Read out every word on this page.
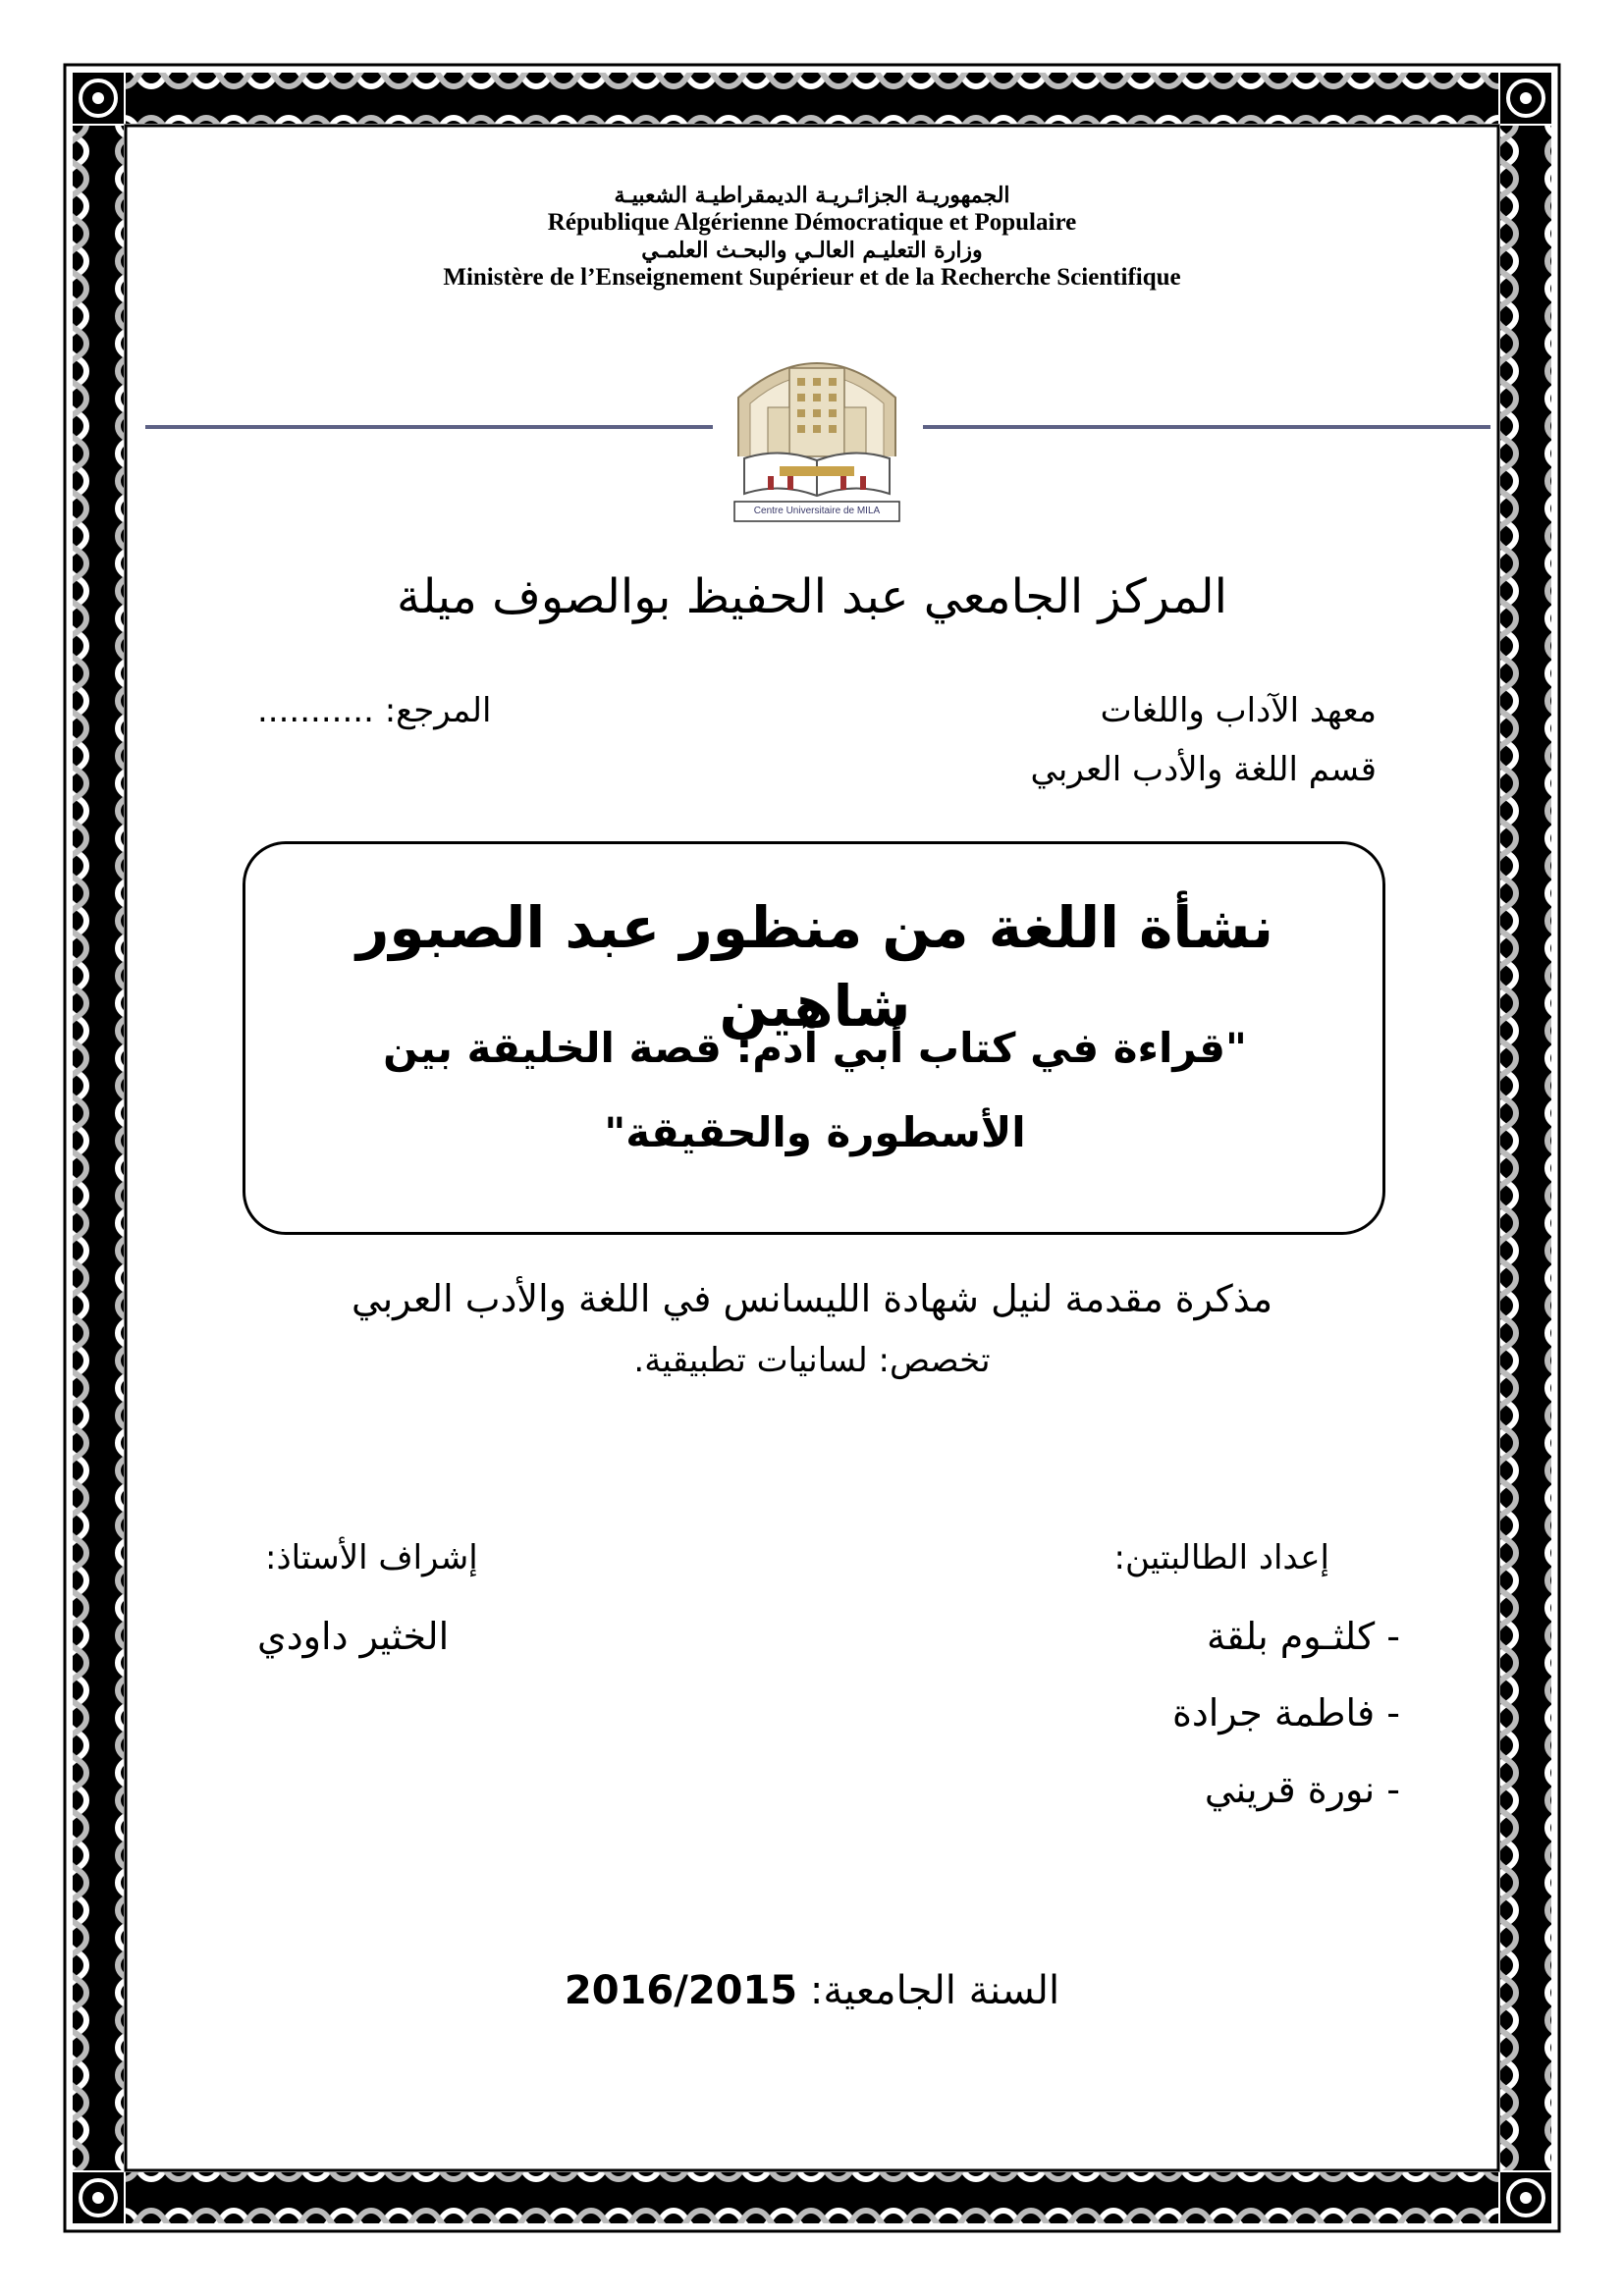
الجمهوريـة الجزائـريـة الديمقراطيـة الشعبيـة
République Algérienne Démocratique et Populaire
وزارة التعليـم العالـي والبحـث العلمـي
Ministère de l’Enseignement Supérieur et de la Recherche Scientifique
Centre Universitaire de MILA
المركز الجامعي عبد الحفيظ بوالصوف ميلة
معهد الآداب واللغات
قسم اللغة والأدب العربي
المرجع: ...........
نشأة اللغة من منظور عبد الصبور شاهين
"قراءة في كتاب أبي آدم: قصة الخليقة بين الأسطورة والحقيقة"
مذكرة مقدمة لنيل شهادة الليسانس في اللغة والأدب العربي
تخصص: لسانيات تطبيقية.
إعداد الطالبتين:
- كلثـوم بلقة
- فاطمة جرادة
- نورة قريني
إشراف الأستاذ:
الخثير داودي
السنة الجامعية: 2016/2015
